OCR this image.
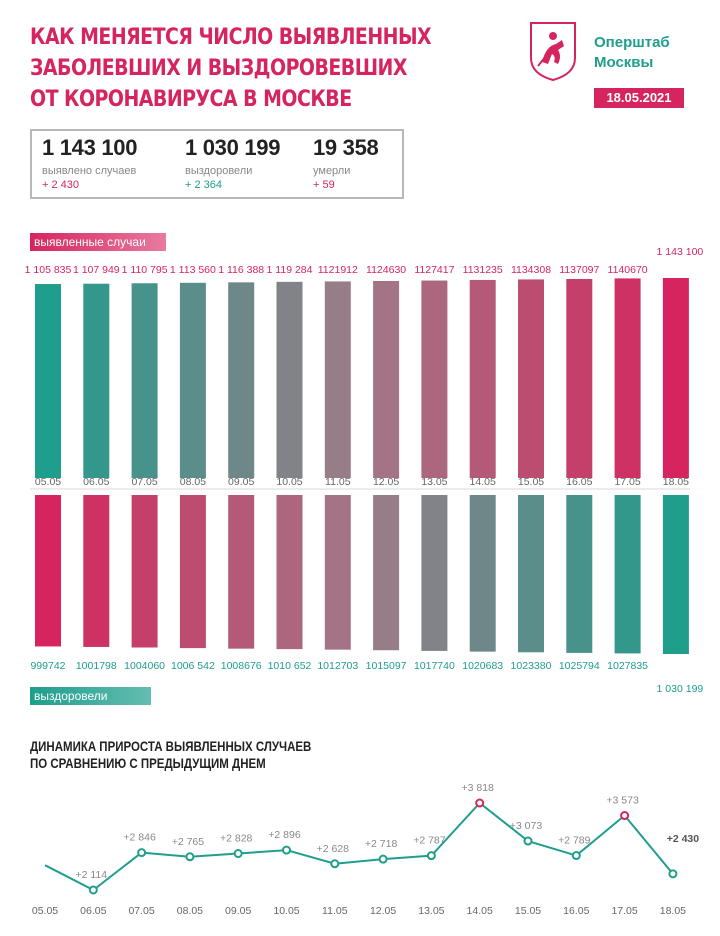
КАК МЕНЯЕТСЯ ЧИСЛО ВЫЯВЛЕННЫХ
ЗАБОЛЕВШИХ И ВЫЗДОРОВЕВШИХ
ОТ КОРОНАВИРУСА В МОСКВЕ
Оперштаб
Москвы
18.05.2021
1 143 100
выявлено случаев
+ 2 430
1 030 199
выздоровели
+ 2 364
19 358
умерли
+ 59
выявленные случаи
выздоровели
1 105 835 1 107 949 1 110 795 1 113 560 1 116 388 1 119 284 1121912 1124630 1127417 1131235 1134308 1137097 1140670
1 143 100
999742 1001798 1004060 1006 542 1008676 1010 652 1012703 1015097 1017740 1020683 1023380 1025794 1027835
1 030 199
05.05 06.05 07.05 08.05 09.05 10.05 11.05 12.05 13.05 14.05 15.05 16.05 17.05 18.05
05.05
+2 114
06.05
+2 846
07.05
+2 765
08.05
+2 828
09.05
+2 896
10.05
+2 628
11.05
+2 718
12.05
+2 787
13.05
+3 818
14.05
+3 073
15.05
+2 789
16.05
+3 573
17.05
+2 430
18.05
ДИНАМИКА ПРИРОСТА ВЫЯВЛЕННЫХ СЛУЧАЕВ
ПО СРАВНЕНИЮ С ПРЕДЫДУЩИМ ДНЕМ
